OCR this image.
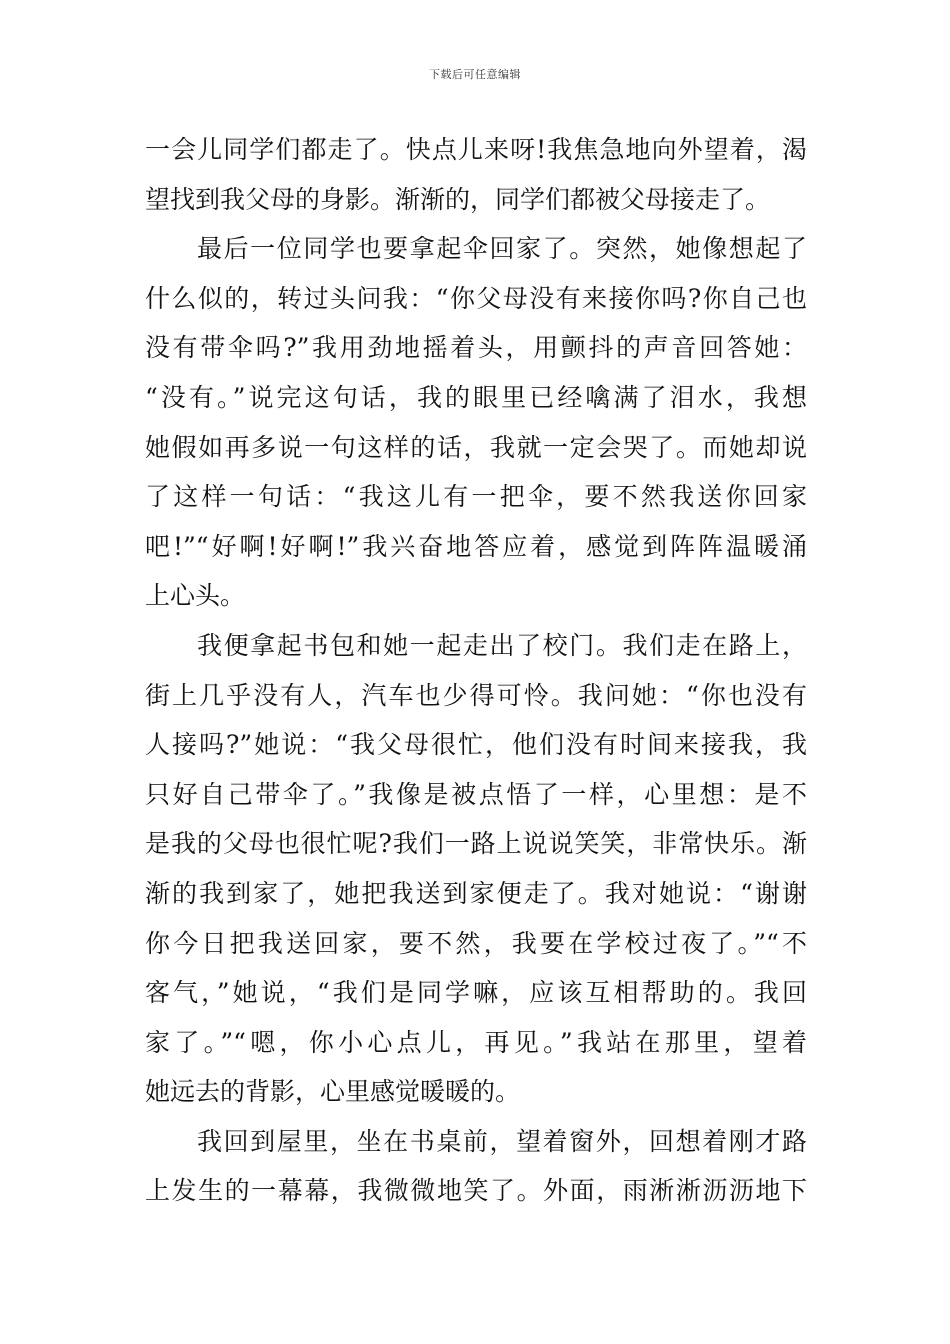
下载后可任意编辑
一会儿同学们都走了。快点儿来呀!我焦急地向外望着，渴
望找到我父母的身影。渐渐的，同学们都被父母接走了。
最后一位同学也要拿起伞回家了。突然，她像想起了
什么似的，转过头问我：“你父母没有来接你吗?你自己也
没有带伞吗?”我用劲地摇着头，用颤抖的声音回答她：
“没有。”说完这句话，我的眼里已经噙满了泪水，我想
她假如再多说一句这样的话，我就一定会哭了。而她却说
了这样一句话：“我这儿有一把伞，要不然我送你回家
吧!”“好啊!好啊!”我兴奋地答应着，感觉到阵阵温暖涌
上心头。
我便拿起书包和她一起走出了校门。我们走在路上，
街上几乎没有人，汽车也少得可怜。我问她：“你也没有
人接吗?”她说：“我父母很忙，他们没有时间来接我，我
只好自己带伞了。”我像是被点悟了一样，心里想：是不
是我的父母也很忙呢?我们一路上说说笑笑，非常快乐。渐
渐的我到家了，她把我送到家便走了。我对她说：“谢谢
你今日把我送回家，要不然，我要在学校过夜了。”“不
客气，”她说，“我们是同学嘛，应该互相帮助的。我回
家了。”“嗯，你小心点儿，再见。”我站在那里，望着
她远去的背影，心里感觉暖暖的。
我回到屋里，坐在书桌前，望着窗外，回想着刚才路
上发生的一幕幕，我微微地笑了。外面，雨淅淅沥沥地下
